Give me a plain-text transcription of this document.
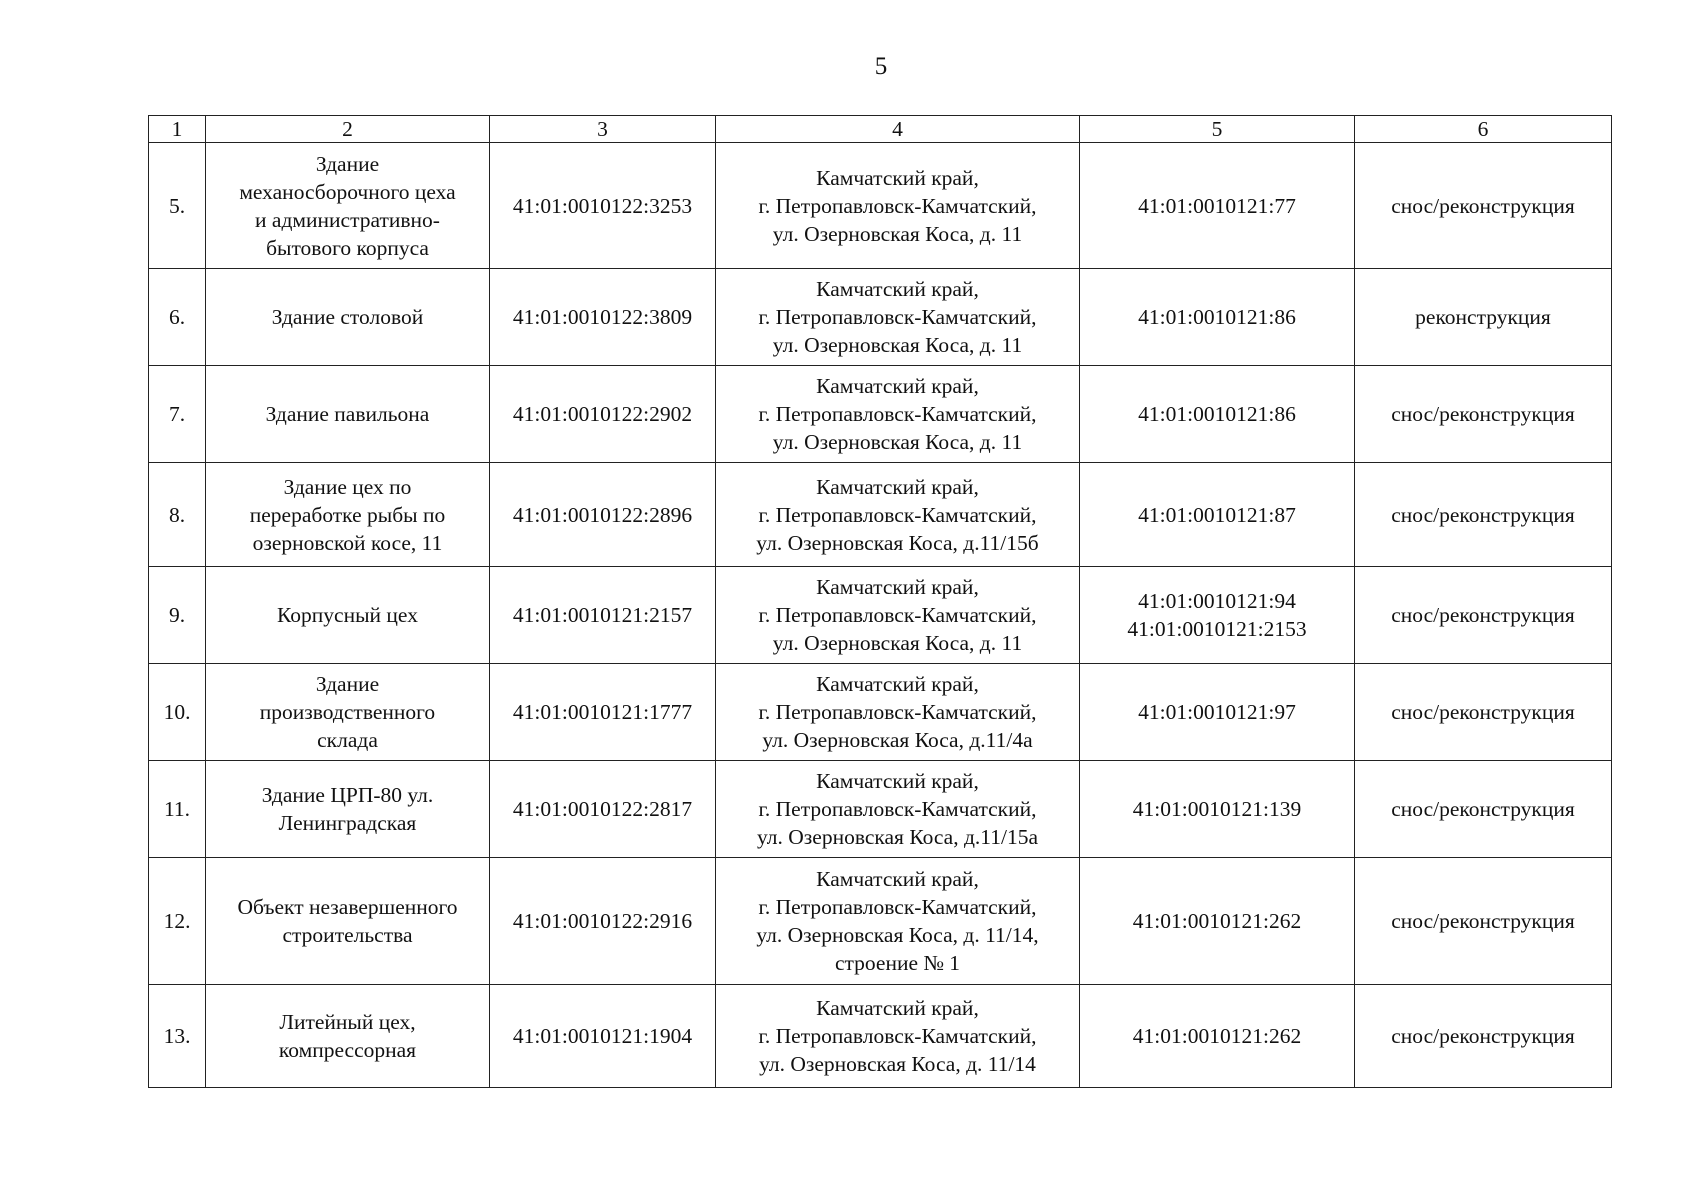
5
1	2	3	4	5	6
5.	Здание
механосборочного цеха
и административно-
бытового корпуса	41:01:0010122:3253	Камчатский край,
г. Петропавловск-Камчатский,
ул. Озерновская Коса, д. 11	41:01:0010121:77	снос/реконструкция
6.	Здание столовой	41:01:0010122:3809	Камчатский край,
г. Петропавловск-Камчатский,
ул. Озерновская Коса, д. 11	41:01:0010121:86	реконструкция
7.	Здание павильона	41:01:0010122:2902	Камчатский край,
г. Петропавловск-Камчатский,
ул. Озерновская Коса, д. 11	41:01:0010121:86	снос/реконструкция
8.	Здание цех по
переработке рыбы по
озерновской косе, 11	41:01:0010122:2896	Камчатский край,
г. Петропавловск-Камчатский,
ул. Озерновская Коса, д.11/15б	41:01:0010121:87	снос/реконструкция
9.	Корпусный цех	41:01:0010121:2157	Камчатский край,
г. Петропавловск-Камчатский,
ул. Озерновская Коса, д. 11	41:01:0010121:94
41:01:0010121:2153	снос/реконструкция
10.	Здание
производственного
склада	41:01:0010121:1777	Камчатский край,
г. Петропавловск-Камчатский,
ул. Озерновская Коса, д.11/4а	41:01:0010121:97	снос/реконструкция
11.	Здание ЦРП-80 ул.
Ленинградская	41:01:0010122:2817	Камчатский край,
г. Петропавловск-Камчатский,
ул. Озерновская Коса, д.11/15а	41:01:0010121:139	снос/реконструкция
12.	Объект незавершенного
строительства	41:01:0010122:2916	Камчатский край,
г. Петропавловск-Камчатский,
ул. Озерновская Коса, д. 11/14,
строение № 1	41:01:0010121:262	снос/реконструкция
13.	Литейный цех,
компрессорная	41:01:0010121:1904	Камчатский край,
г. Петропавловск-Камчатский,
ул. Озерновская Коса, д. 11/14	41:01:0010121:262	снос/реконструкция
